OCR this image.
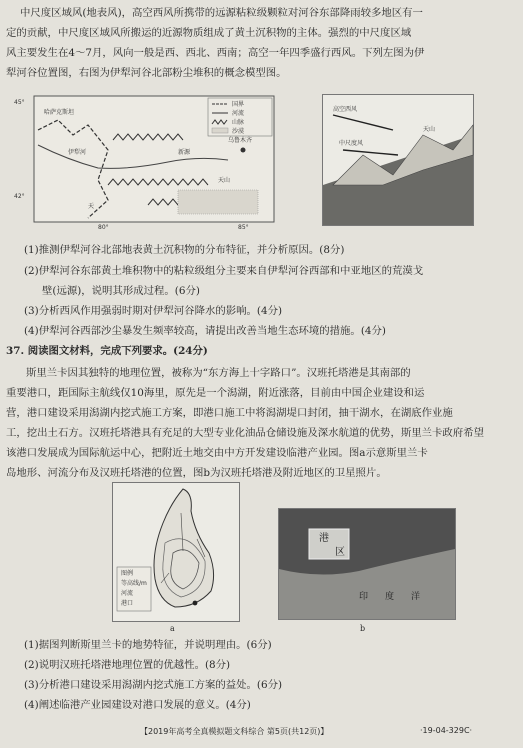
中尺度区域风(地表风)，高空西风所携带的远源粘粒级颗粒对河谷东部降雨较多地区有一
定的贡献，中尺度区域风所搬运的近源物质组成了黄土沉积物的主体。强烈的中尺度区域
风主要发生在4～7月，风向一般是西、西北、西南；高空一年四季盛行西风。下列左图为伊
犁河谷位置图，右图为伊犁河谷北部粉尘堆积的概念模型图。
45°
42°
80°	85°
哈萨克斯坦
伊犁河	新源
天山
乌鲁木齐
天
国界
河流
山脉
沙漠
高空西风
中尺度风
天山
(1)推测伊犁河谷北部地表黄土沉积物的分布特征，并分析原因。(8分)
(2)伊犁河谷东部黄土堆积物中的粘粒级组分主要来自伊犁河谷西部和中亚地区的荒漠戈
壁(远源)，说明其形成过程。(6分)
(3)分析西风作用强弱时期对伊犁河谷降水的影响。(4分)
(4)伊犁河谷西部沙尘暴发生频率较高，请提出改善当地生态环境的措施。(4分)
37. 阅读图文材料，完成下列要求。(24分)
斯里兰卡因其独特的地理位置，被称为“东方海上十字路口”。汉班托塔港是其南部的
重要港口，距国际主航线仅10海里，原先是一个潟湖，附近涨落，目前由中国企业建设和运
营，港口建设采用潟湖内挖式施工方案，即港口施工中将潟湖堤口封闭，抽干湖水，在湖底作业施
工，挖出土石方。汉班托塔港具有充足的大型专业化油品仓储设施及深水航道的优势，斯里兰卡政府希望
该港口发展成为国际航运中心，把附近土地交由中方开发建设临港产业园。图a示意斯里兰卡
岛地形、河流分布及汉班托塔港的位置，图b为汉班托塔港及附近地区的卫星照片。
图例
等高线/m
河流
港口
a
港
区
印 度 洋
b
(1)据图判断斯里兰卡的地势特征，并说明理由。(6分)
(2)说明汉班托塔港地理位置的优越性。(8分)
(3)分析港口建设采用潟湖内挖式施工方案的益处。(6分)
(4)阐述临港产业园建设对港口发展的意义。(4分)
【2019年高考全真模拟题文科综合 第5页(共12页)】	·19-04-329C·
